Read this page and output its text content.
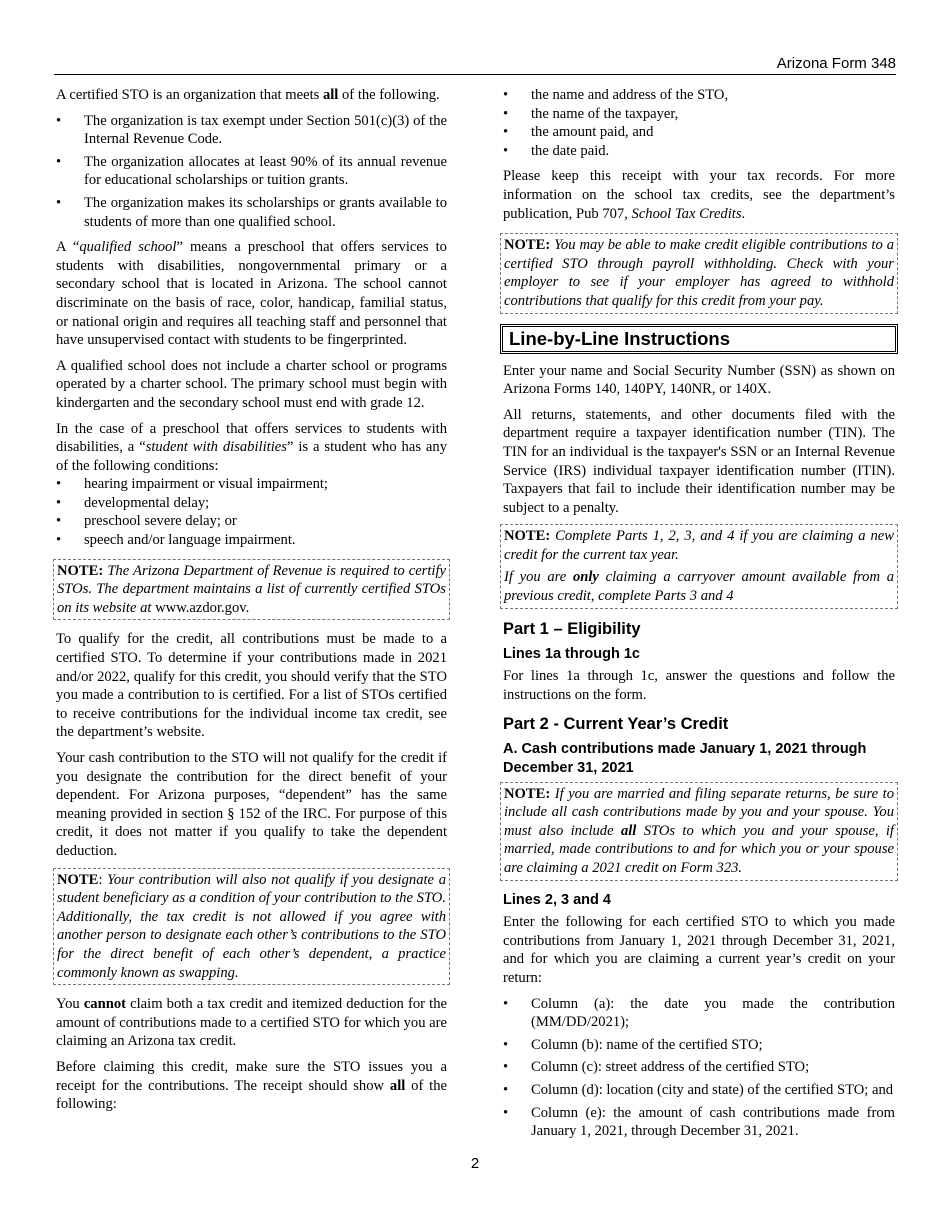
Arizona Form 348

A certified STO is an organization that meets all of the following.

• The organization is tax exempt under Section 501(c)(3) of the Internal Revenue Code.
• The organization allocates at least 90% of its annual revenue for educational scholarships or tuition grants.
• The organization makes its scholarships or grants available to students of more than one qualified school.

A “qualified school” means a preschool that offers services to students with disabilities, nongovernmental primary or a secondary school that is located in Arizona. The school cannot discriminate on the basis of race, color, handicap, familial status, or national origin and requires all teaching staff and personnel that have unsupervised contact with students to be fingerprinted.

A qualified school does not include a charter school or programs operated by a charter school. The primary school must begin with kindergarten and the secondary school must end with grade 12.

In the case of a preschool that offers services to students with disabilities, a “student with disabilities” is a student who has any of the following conditions:

• hearing impairment or visual impairment;
• developmental delay;
• preschool severe delay; or
• speech and/or language impairment.

NOTE: The Arizona Department of Revenue is required to certify STOs. The department maintains a list of currently certified STOs on its website at www.azdor.gov.

To qualify for the credit, all contributions must be made to a certified STO. To determine if your contributions made in 2021 and/or 2022, qualify for this credit, you should verify that the STO you made a contribution to is certified. For a list of STOs certified to receive contributions for the individual income tax credit, see the department’s website.

Your cash contribution to the STO will not qualify for the credit if you designate the contribution for the direct benefit of your dependent. For Arizona purposes, “dependent” has the same meaning provided in section § 152 of the IRC. For purpose of this credit, it does not matter if you qualify to take the dependent deduction.

NOTE: Your contribution will also not qualify if you designate a student beneficiary as a condition of your contribution to the STO. Additionally, the tax credit is not allowed if you agree with another person to designate each other’s contributions to the STO for the direct benefit of each other’s dependent, a practice commonly known as swapping.

You cannot claim both a tax credit and itemized deduction for the amount of contributions made to a certified STO for which you are claiming an Arizona tax credit.

Before claiming this credit, make sure the STO issues you a receipt for the contributions. The receipt should show all of the following:

• the name and address of the STO,
• the name of the taxpayer,
• the amount paid, and
• the date paid.

Please keep this receipt with your tax records. For more information on the school tax credits, see the department’s publication, Pub 707, School Tax Credits.

NOTE: You may be able to make credit eligible contributions to a certified STO through payroll withholding. Check with your employer to see if your employer has agreed to withhold contributions that qualify for this credit from your pay.

Line-by-Line Instructions

Enter your name and Social Security Number (SSN) as shown on Arizona Forms 140, 140PY, 140NR, or 140X.

All returns, statements, and other documents filed with the department require a taxpayer identification number (TIN). The TIN for an individual is the taxpayer's SSN or an Internal Revenue Service (IRS) individual taxpayer identification number (ITIN). Taxpayers that fail to include their identification number may be subject to a penalty.

NOTE: Complete Parts 1, 2, 3, and 4 if you are claiming a new credit for the current tax year.

If you are only claiming a carryover amount available from a previous credit, complete Parts 3 and 4

Part 1 – Eligibility
Lines 1a through 1c

For lines 1a through 1c, answer the questions and follow the instructions on the form.

Part 2 - Current Year’s Credit
A. Cash contributions made January 1, 2021 through December 31, 2021

NOTE: If you are married and filing separate returns, be sure to include all cash contributions made by you and your spouse. You must also include all STOs to which you and your spouse, if married, made contributions to and for which you or your spouse are claiming a 2021 credit on Form 323.

Lines 2, 3 and 4

Enter the following for each certified STO to which you made contributions from January 1, 2021 through December 31, 2021, and for which you are claiming a current year’s credit on your return:

• Column (a): the date you made the contribution (MM/DD/2021);
• Column (b): name of the certified STO;
• Column (c): street address of the certified STO;
• Column (d): location (city and state) of the certified STO; and
• Column (e): the amount of cash contributions made from January 1, 2021, through December 31, 2021.
2
